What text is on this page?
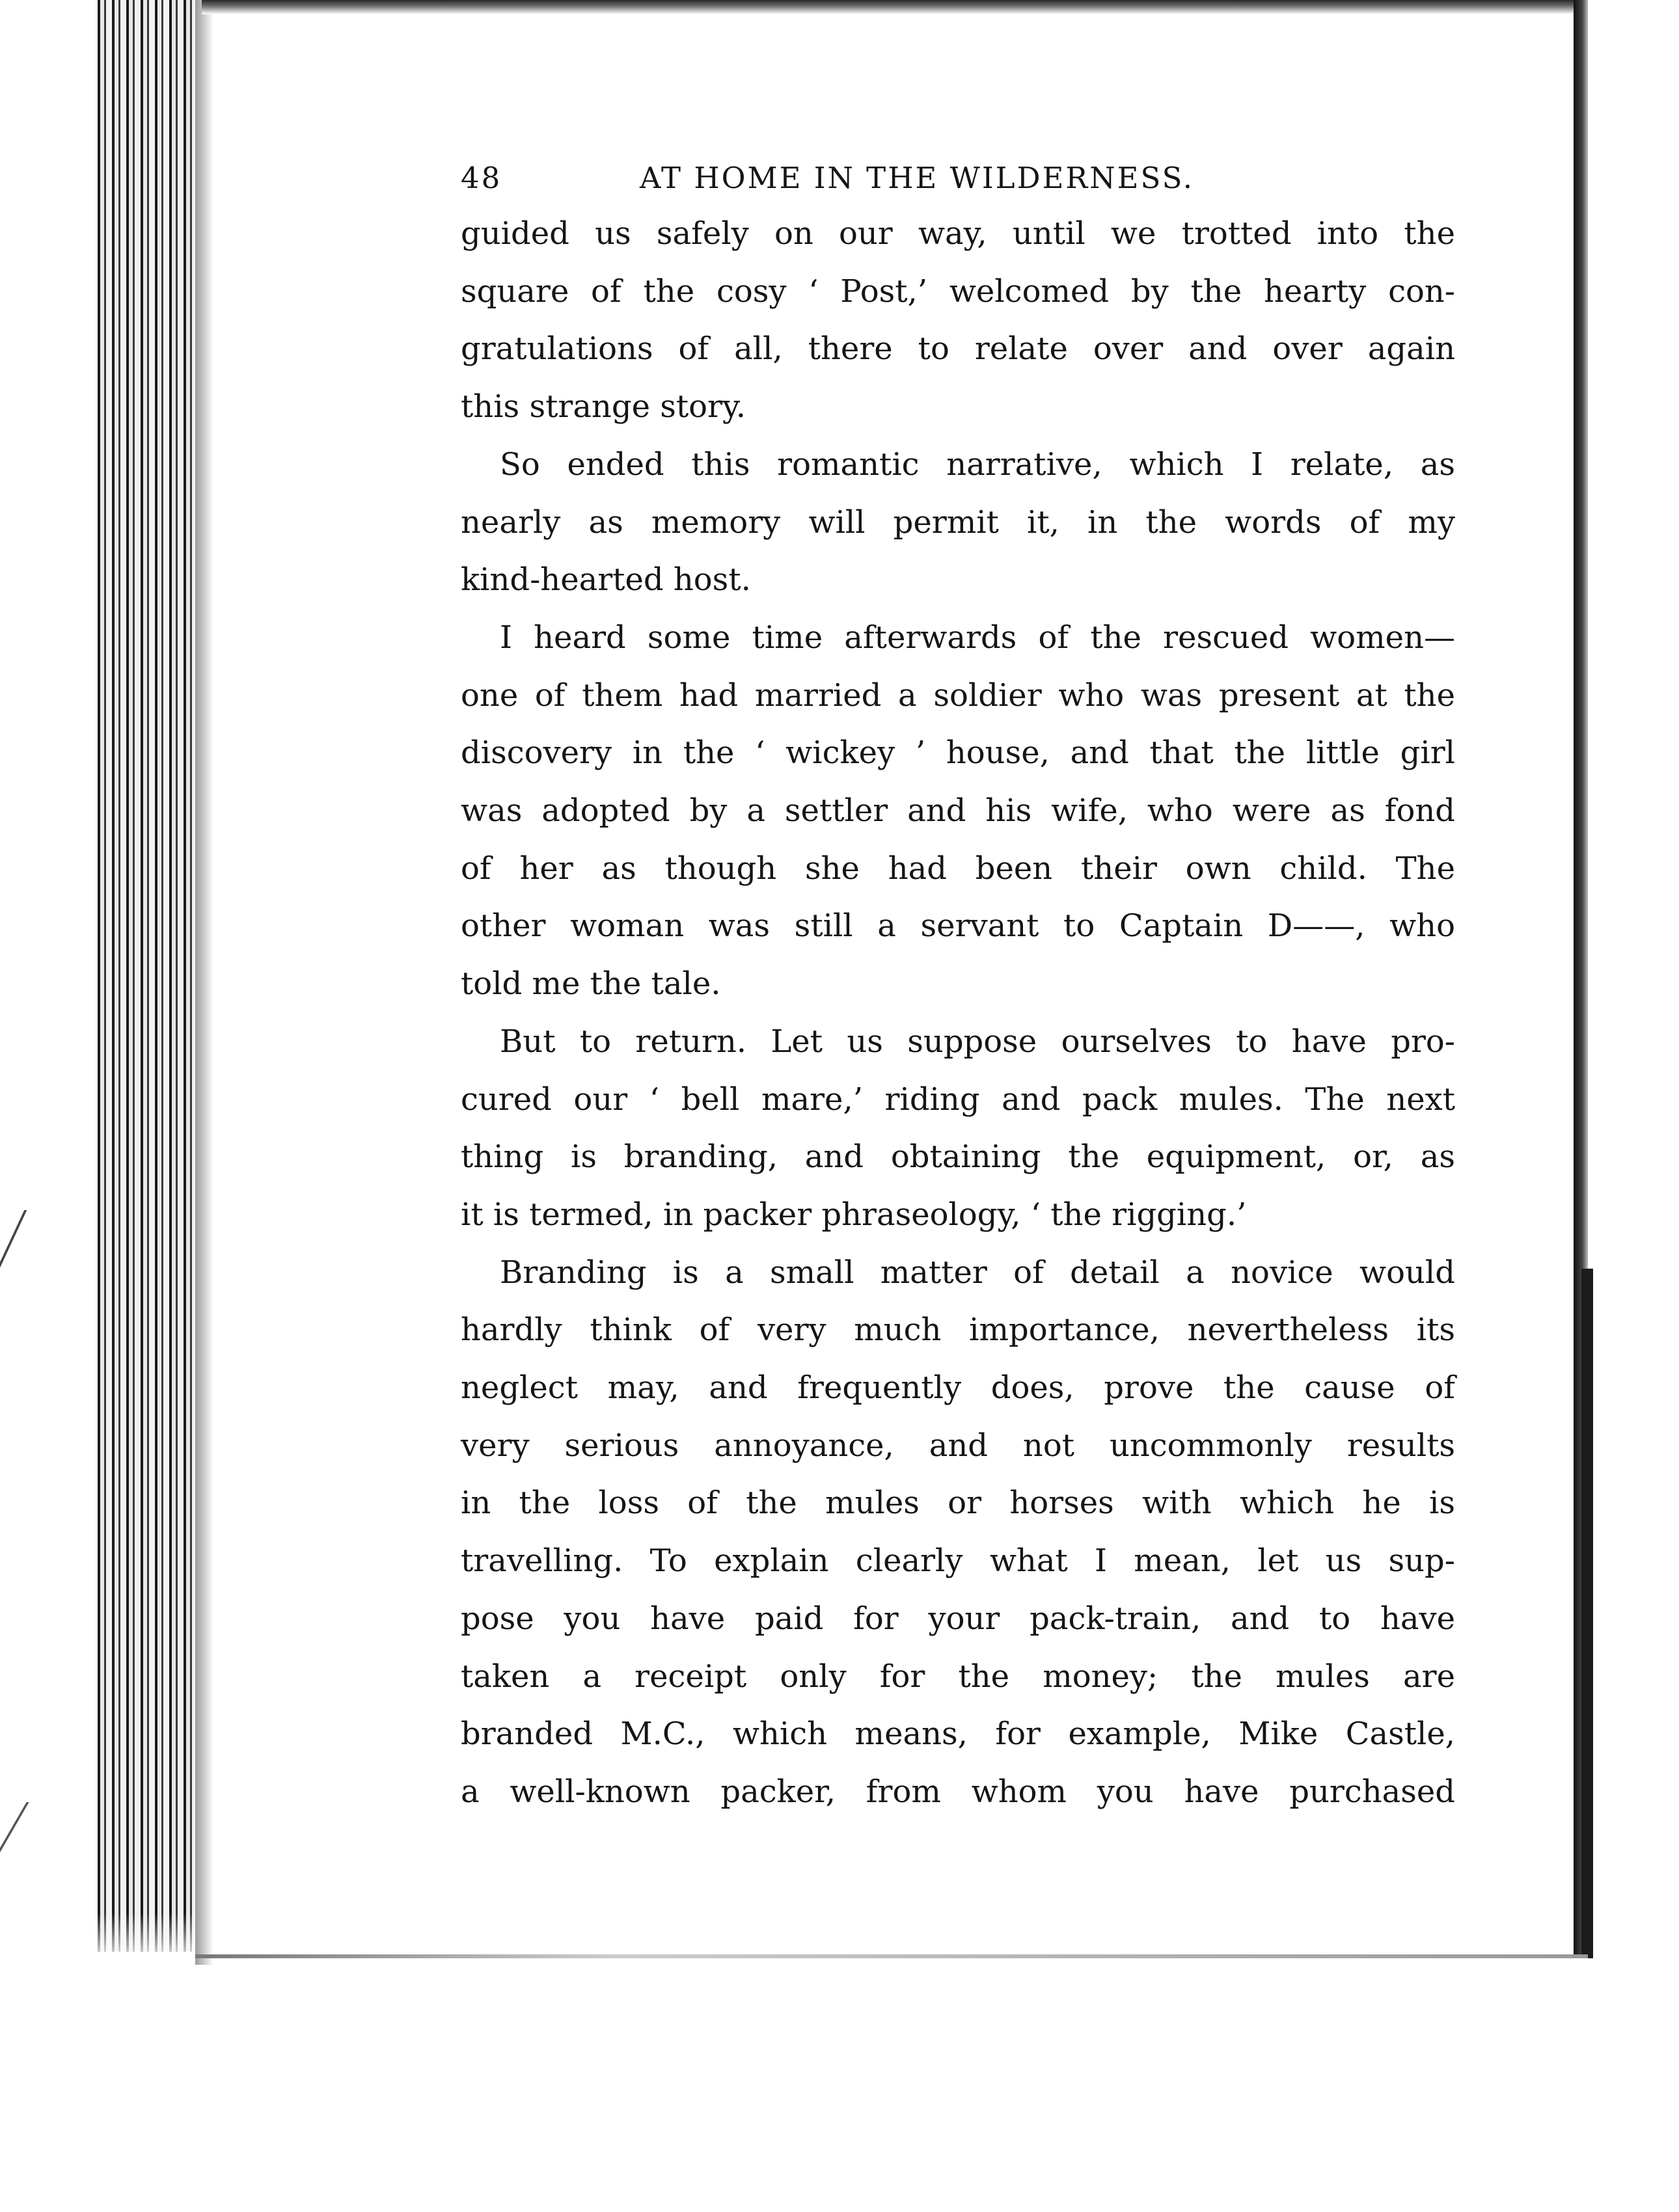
48	AT HOME IN THE WILDERNESS.

guided us safely on our way, until we trotted into the
square of the cosy ‘ Post,’ welcomed by the hearty con-
gratulations of all, there to relate over and over again
this strange story.

So ended this romantic narrative, which I relate, as
nearly as memory will permit it, in the words of my
kind-hearted host.

I heard some time afterwards of the rescued women—
one of them had married a soldier who was present at the
discovery in the ‘ wickey ’ house, and that the little girl
was adopted by a settler and his wife, who were as fond
of her as though she had been their own child. The
other woman was still a servant to Captain D——, who
told me the tale.

But to return. Let us suppose ourselves to have pro-
cured our ‘ bell mare,’ riding and pack mules. The next
thing is branding, and obtaining the equipment, or, as
it is termed, in packer phraseology, ‘ the rigging.’

Branding is a small matter of detail a novice would
hardly think of very much importance, nevertheless its
neglect may, and frequently does, prove the cause of
very serious annoyance, and not uncommonly results
in the loss of the mules or horses with which he is
travelling. To explain clearly what I mean, let us sup-
pose you have paid for your pack-train, and to have
taken a receipt only for the money; the mules are
branded M.C., which means, for example, Mike Castle,
a well-known packer, from whom you have purchased
